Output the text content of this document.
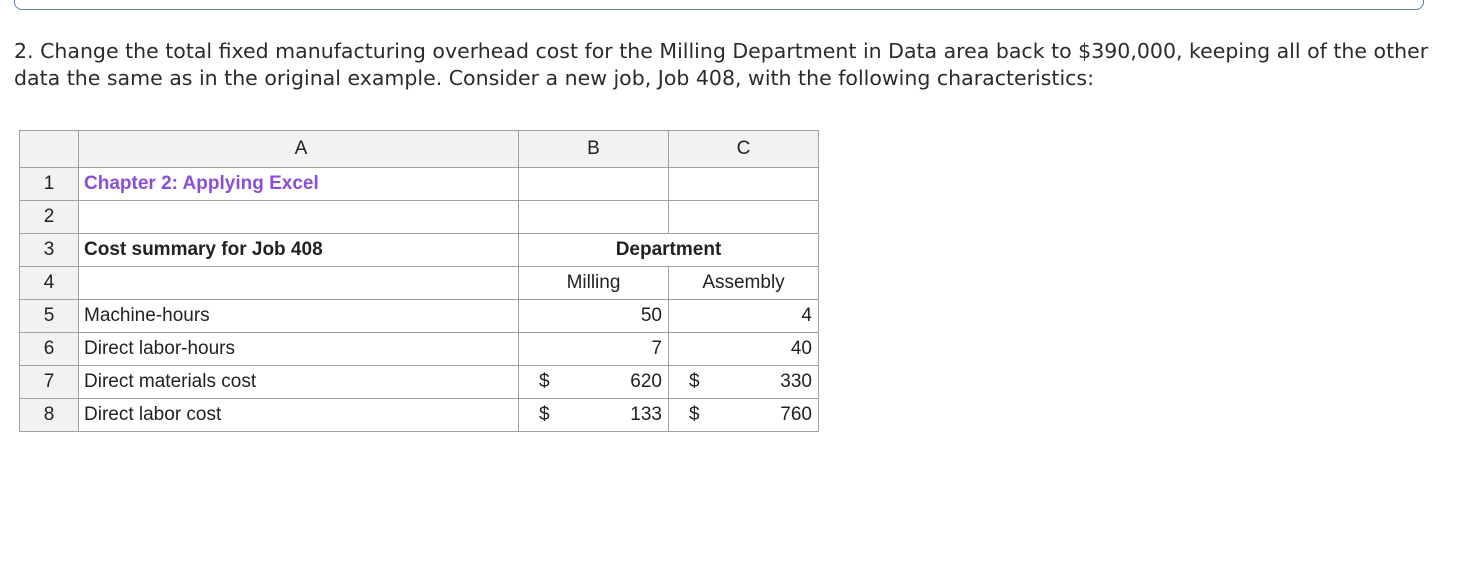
2. Change the total fixed manufacturing overhead cost for the Milling Department in Data area back to $390,000, keeping all of the other data the same as in the original example. Consider a new job, Job 408, with the following characteristics:
	A	B	C
1	Chapter 2: Applying Excel		
2			
3	Cost summary for Job 408	Department	
4		Milling	Assembly
5	Machine-hours	50	4

6	Direct labor-hours	7	40

7	Direct materials cost	$ 620	$ 330

8	Direct labor cost	$ 133	$ 760
